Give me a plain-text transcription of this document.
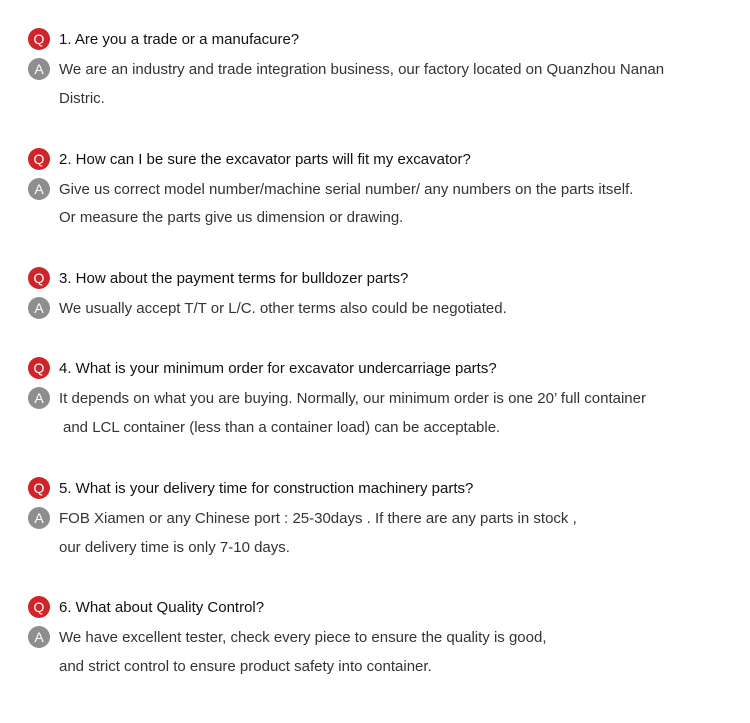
Q 1. Are you a trade or a manufacure?
A	We are an industry and trade integration business, our factory located on Quanzhou Nanan
Distric.
Q 2. How can I be sure the excavator parts will fit my excavator?
A	Give us correct model number/machine serial number/ any numbers on the parts itself.
Or measure the parts give us dimension or drawing.
Q 3. How about the payment terms for bulldozer parts?
A	We usually accept T/T or L/C. other terms also could be negotiated.
Q 4. What is your minimum order for excavator undercarriage parts?
A	It depends on what you are buying. Normally, our minimum order is one 20’ full container
and LCL container (less than a container load) can be acceptable.
Q 5. What is your delivery time for construction machinery parts?
A	FOB Xiamen or any Chinese port : 25-30days . If there are any parts in stock ,
our delivery time is only 7-10 days.
Q 6. What about Quality Control?
A	We have excellent tester, check every piece to ensure the quality is good,
and strict control to ensure product safety into container.
